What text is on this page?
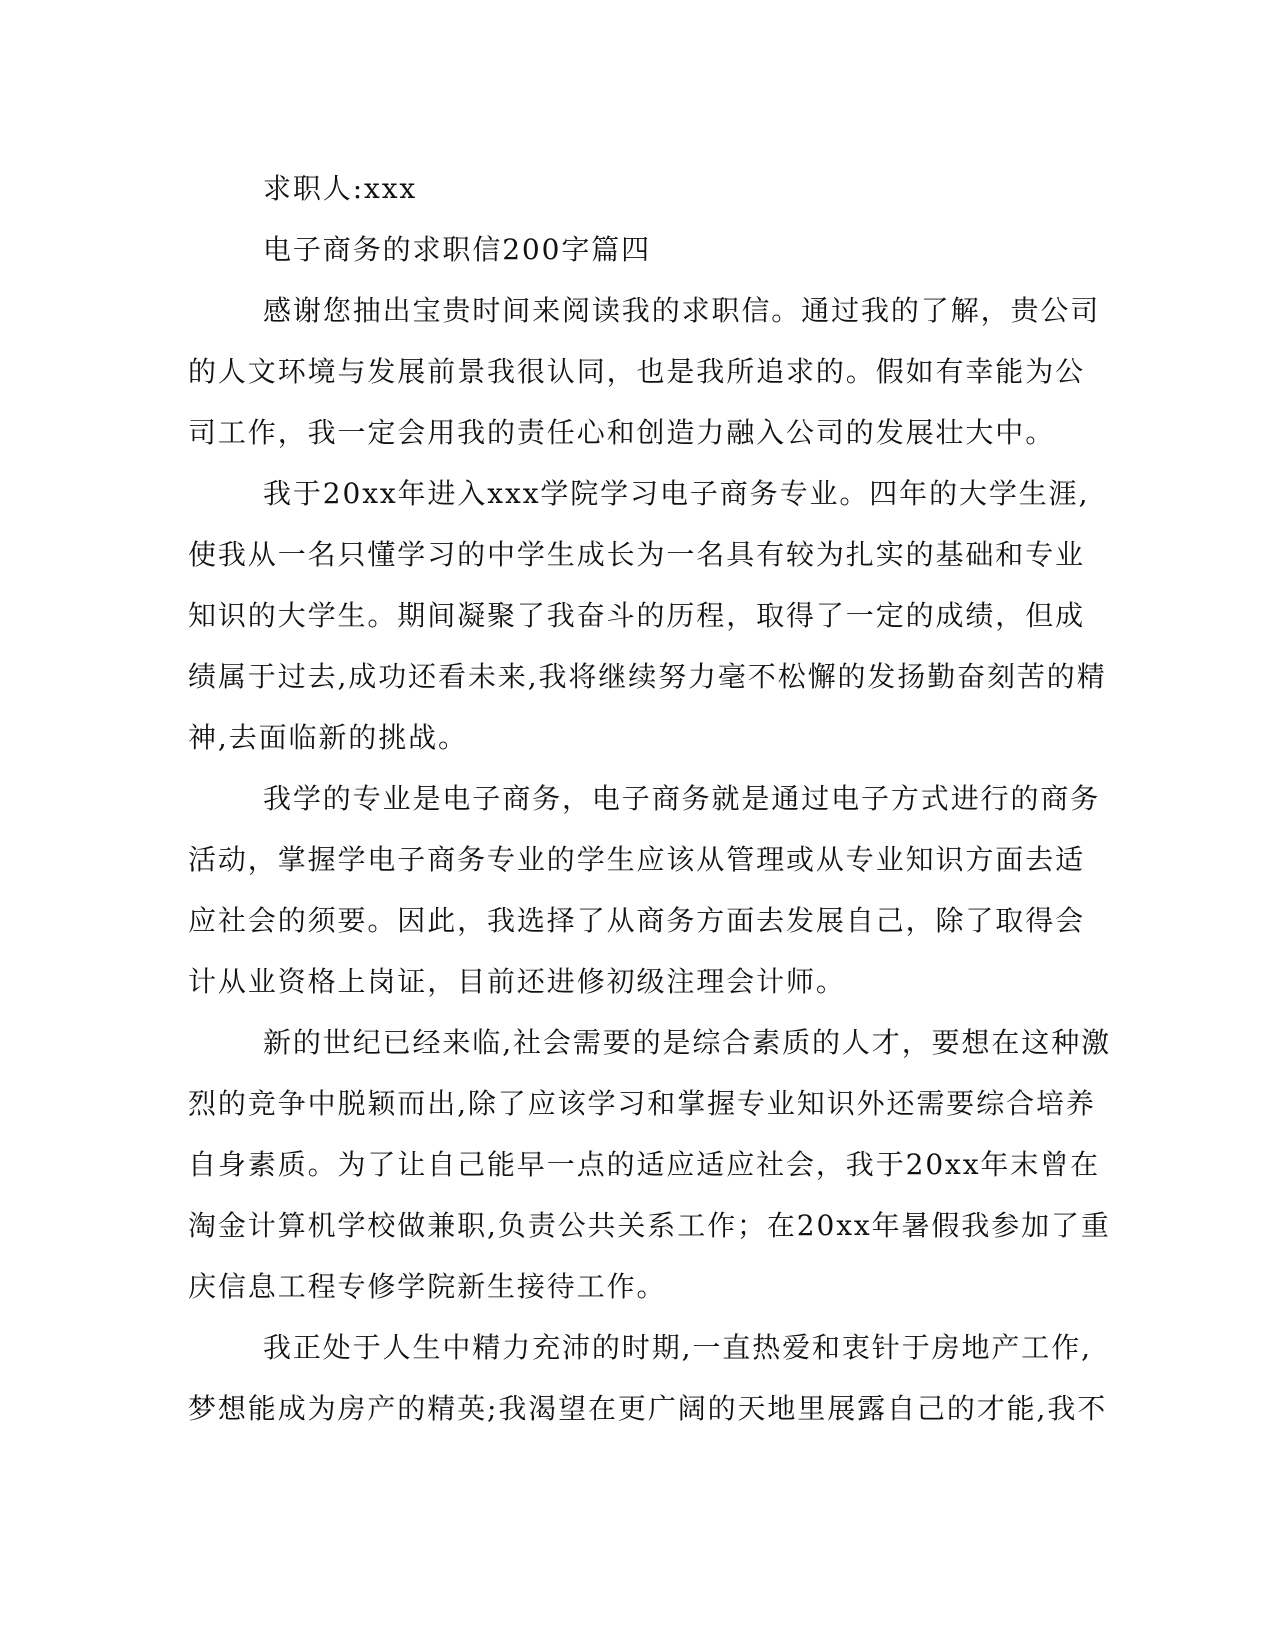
求职人:xxx

电子商务的求职信200字篇四

感谢您抽出宝贵时间来阅读我的求职信。通过我的了解，贵公司
的人文环境与发展前景我很认同，也是我所追求的。假如有幸能为公
司工作，我一定会用我的责任心和创造力融入公司的发展壮大中。

我于20xx年进入xxx学院学习电子商务专业。四年的大学生涯,
使我从一名只懂学习的中学生成长为一名具有较为扎实的基础和专业
知识的大学生。期间凝聚了我奋斗的历程，取得了一定的成绩，但成
绩属于过去,成功还看未来,我将继续努力毫不松懈的发扬勤奋刻苦的精
神,去面临新的挑战。

我学的专业是电子商务，电子商务就是通过电子方式进行的商务
活动，掌握学电子商务专业的学生应该从管理或从专业知识方面去适
应社会的须要。因此，我选择了从商务方面去发展自己，除了取得会
计从业资格上岗证，目前还进修初级注理会计师。

新的世纪已经来临,社会需要的是综合素质的人才，要想在这种激
烈的竞争中脱颖而出,除了应该学习和掌握专业知识外还需要综合培养
自身素质。为了让自己能早一点的适应适应社会，我于20xx年末曾在
淘金计算机学校做兼职,负责公共关系工作；在20xx年暑假我参加了重
庆信息工程专修学院新生接待工作。

我正处于人生中精力充沛的时期,一直热爱和衷针于房地产工作,
梦想能成为房产的精英;我渴望在更广阔的天地里展露自己的才能,我不
